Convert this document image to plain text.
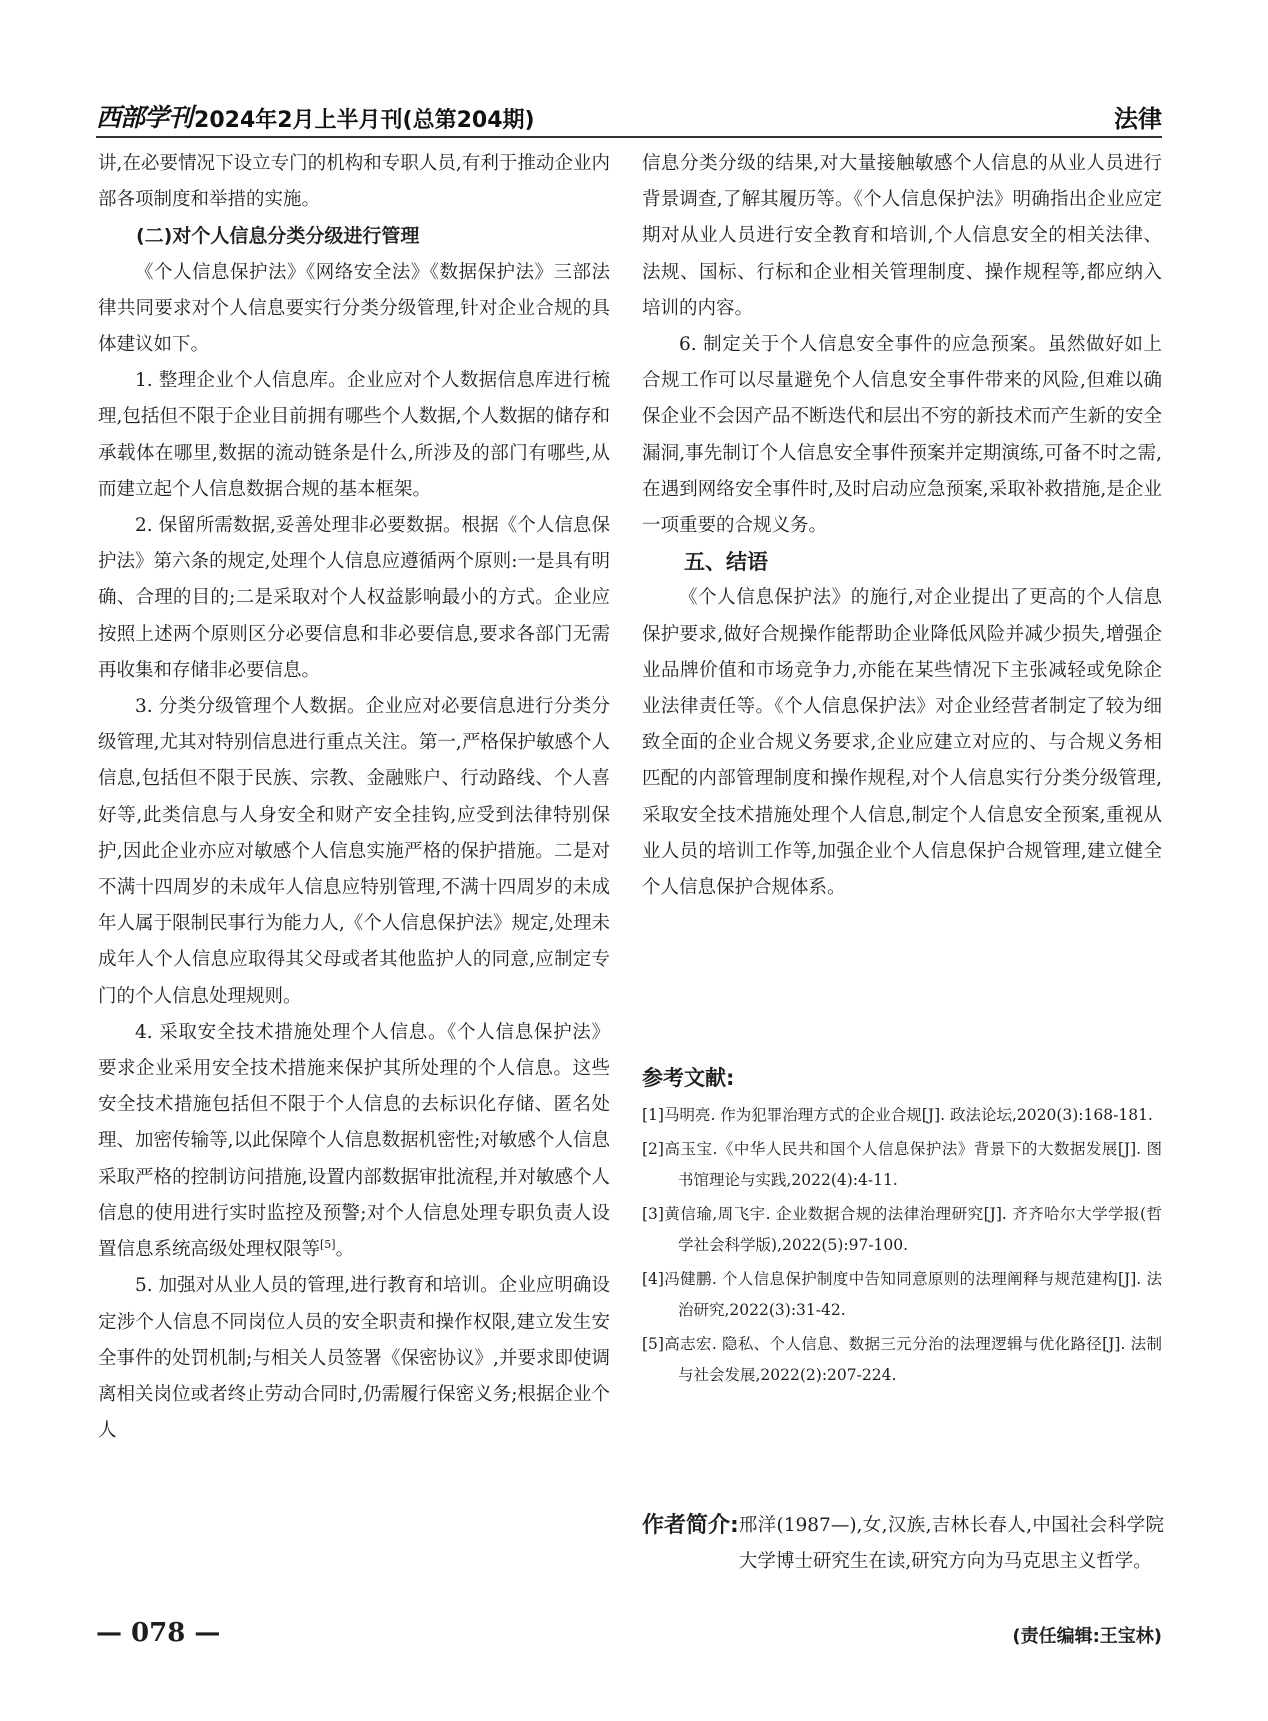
西部学刊 2024年2月上半月刊(总第204期)	法律

讲,在必要情况下设立专门的机构和专职人员,有利于推动企业内部各项制度和举措的实施。

(二)对个人信息分类分级进行管理

《个人信息保护法》《网络安全法》《数据保护法》三部法律共同要求对个人信息要实行分类分级管理,针对企业合规的具体建议如下。

1. 整理企业个人信息库。企业应对个人数据信息库进行梳理,包括但不限于企业目前拥有哪些个人数据,个人数据的储存和承载体在哪里,数据的流动链条是什么,所涉及的部门有哪些,从而建立起个人信息数据合规的基本框架。

2. 保留所需数据,妥善处理非必要数据。根据《个人信息保护法》第六条的规定,处理个人信息应遵循两个原则:一是具有明确、合理的目的;二是采取对个人权益影响最小的方式。企业应按照上述两个原则区分必要信息和非必要信息,要求各部门无需再收集和存储非必要信息。

3. 分类分级管理个人数据。企业应对必要信息进行分类分级管理,尤其对特别信息进行重点关注。第一,严格保护敏感个人信息,包括但不限于民族、宗教、金融账户、行动路线、个人喜好等,此类信息与人身安全和财产安全挂钩,应受到法律特别保护,因此企业亦应对敏感个人信息实施严格的保护措施。二是对不满十四周岁的未成年人信息应特别管理,不满十四周岁的未成年人属于限制民事行为能力人,《个人信息保护法》规定,处理未成年人个人信息应取得其父母或者其他监护人的同意,应制定专门的个人信息处理规则。

4. 采取安全技术措施处理个人信息。《个人信息保护法》要求企业采用安全技术措施来保护其所处理的个人信息。这些安全技术措施包括但不限于个人信息的去标识化存储、匿名处理、加密传输等,以此保障个人信息数据机密性;对敏感个人信息采取严格的控制访问措施,设置内部数据审批流程,并对敏感个人信息的使用进行实时监控及预警;对个人信息处理专职负责人设置信息系统高级处理权限等[5]。

5. 加强对从业人员的管理,进行教育和培训。企业应明确设定涉个人信息不同岗位人员的安全职责和操作权限,建立发生安全事件的处罚机制;与相关人员签署《保密协议》,并要求即使调离相关岗位或者终止劳动合同时,仍需履行保密义务;根据企业个人

信息分类分级的结果,对大量接触敏感个人信息的从业人员进行背景调查,了解其履历等。《个人信息保护法》明确指出企业应定期对从业人员进行安全教育和培训,个人信息安全的相关法律、法规、国标、行标和企业相关管理制度、操作规程等,都应纳入培训的内容。

6. 制定关于个人信息安全事件的应急预案。虽然做好如上合规工作可以尽量避免个人信息安全事件带来的风险,但难以确保企业不会因产品不断迭代和层出不穷的新技术而产生新的安全漏洞,事先制订个人信息安全事件预案并定期演练,可备不时之需,在遇到网络安全事件时,及时启动应急预案,采取补救措施,是企业一项重要的合规义务。

五、结语

《个人信息保护法》的施行,对企业提出了更高的个人信息保护要求,做好合规操作能帮助企业降低风险并减少损失,增强企业品牌价值和市场竞争力,亦能在某些情况下主张减轻或免除企业法律责任等。《个人信息保护法》对企业经营者制定了较为细致全面的企业合规义务要求,企业应建立对应的、与合规义务相匹配的内部管理制度和操作规程,对个人信息实行分类分级管理,采取安全技术措施处理个人信息,制定个人信息安全预案,重视从业人员的培训工作等,加强企业个人信息保护合规管理,建立健全个人信息保护合规体系。

参考文献:
[1]马明亮. 作为犯罪治理方式的企业合规[J]. 政法论坛,2020(3):168-181.
[2]高玉宝.《中华人民共和国个人信息保护法》背景下的大数据发展[J]. 图书馆理论与实践,2022(4):4-11.
[3]黄信瑜,周飞宇. 企业数据合规的法律治理研究[J]. 齐齐哈尔大学学报(哲学社会科学版),2022(5):97-100.
[4]冯健鹏. 个人信息保护制度中告知同意原则的法理阐释与规范建构[J]. 法治研究,2022(3):31-42.
[5]高志宏. 隐私、个人信息、数据三元分治的法理逻辑与优化路径[J]. 法制与社会发展,2022(2):207-224.
作者简介: 邢洋(1987—),女,汉族,吉林长春人,中国社会科学院大学博士研究生在读,研究方向为马克思主义哲学。
(责任编辑:王宝林)
— 078 —
